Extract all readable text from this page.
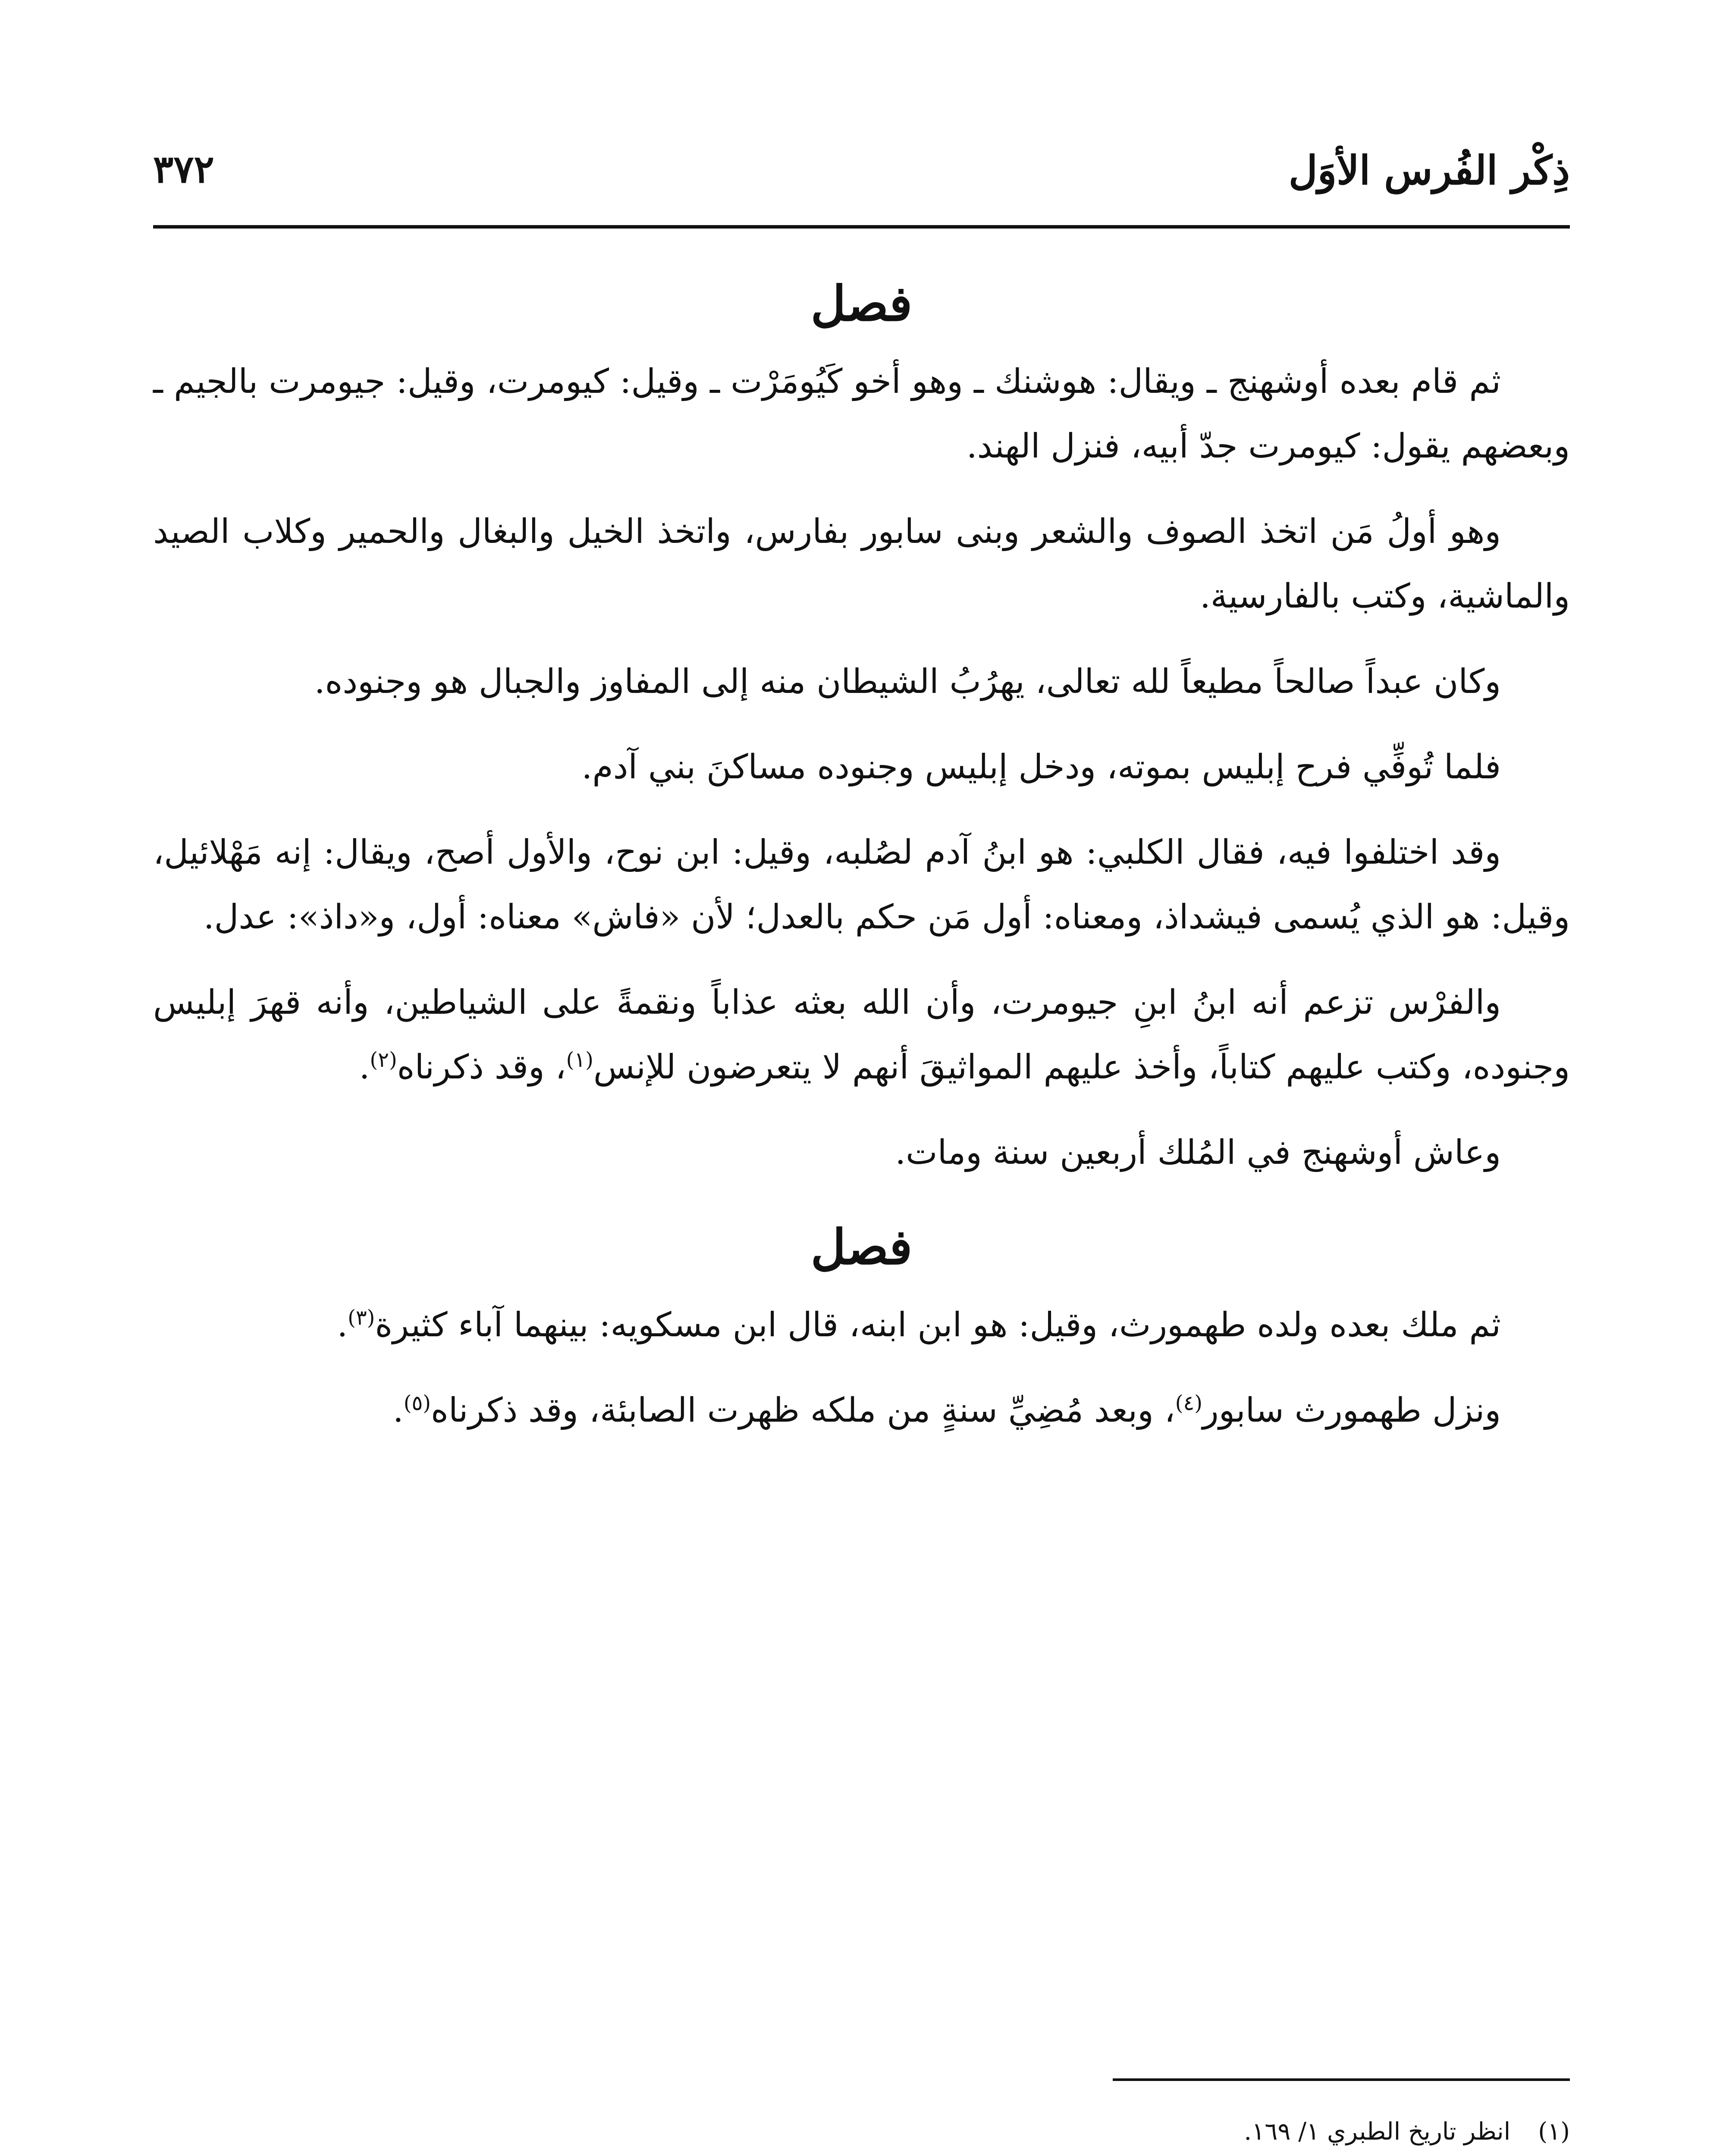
ذِكْر الفُرس الأوَل
٣٧٢
فصل

ثم قام بعده أوشهنج ـ ويقال: هوشنك ـ وهو أخو كَيُومَرْت ـ وقيل: كيومرت، وقيل: جيومرت بالجيم ـ وبعضهم يقول: كيومرت جدّ أبيه، فنزل الهند.

وهو أولُ مَن اتخذ الصوف والشعر وبنى سابور بفارس، واتخذ الخيل والبغال والحمير وكلاب الصيد والماشية، وكتب بالفارسية.

وكان عبداً صالحاً مطيعاً لله تعالى، يهرُبُ الشيطان منه إلى المفاوز والجبال هو وجنوده.

فلما تُوفِّي فرح إبليس بموته، ودخل إبليس وجنوده مساكنَ بني آدم.

وقد اختلفوا فيه، فقال الكلبي: هو ابنُ آدم لصُلبه، وقيل: ابن نوح، والأول أصح، ويقال: إنه مَهْلائيل، وقيل: هو الذي يُسمى فيشداذ، ومعناه: أول مَن حكم بالعدل؛ لأن «فاش» معناه: أول، و«داذ»: عدل.

والفرْس تزعم أنه ابنُ ابنِ جيومرت، وأن الله بعثه عذاباً ونقمةً على الشياطين، وأنه قهرَ إبليس وجنوده، وكتب عليهم كتاباً، وأخذ عليهم المواثيقَ أنهم لا يتعرضون للإنس$^{(١)}$، وقد ذكرناه$^{(٢)}$.

وعاش أوشهنج في المُلك أربعين سنة ومات.

فصل

ثم ملك بعده ولده طهمورث، وقيل: هو ابن ابنه، قال ابن مسكويه: بينهما آباء كثيرة$^{(٣)}$.

ونزل طهمورث سابور$^{(٤)}$، وبعد مُضِيِّ سنةٍ من ملكه ظهرت الصابئة، وقد ذكرناه$^{(٥)}$.

(١) انظر تاريخ الطبري ١/ ١٦٩.
